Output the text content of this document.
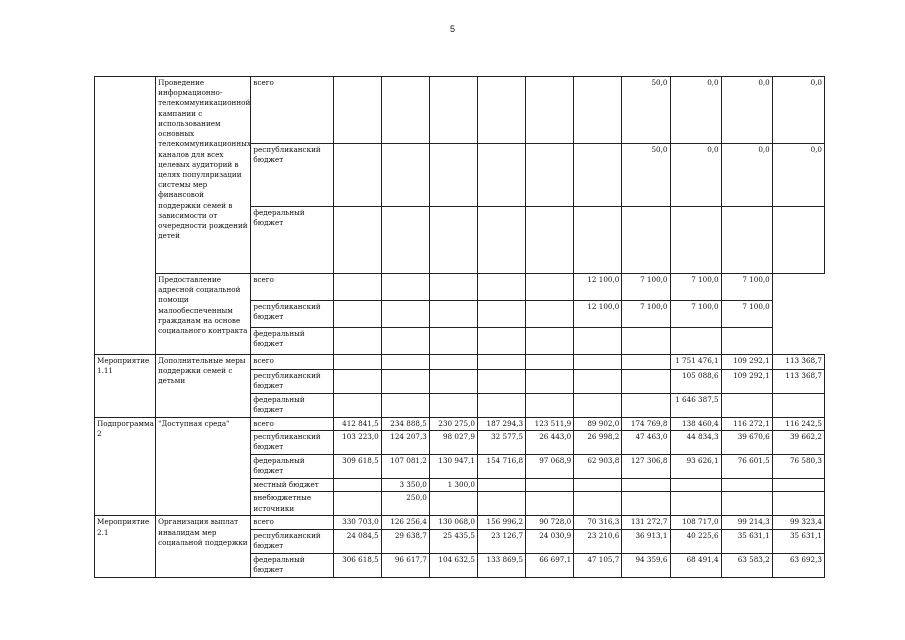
5
	Проведение информационно-телекоммуникационной кампании с использованием основных телекоммуникационных каналов для всех целевых аудиторий в целях популяризации системы мер финансовой поддержки семей в зависимости от очередности рождений детей	всего							50,0	0,0	0,0	0,0
		республиканский бюджет							50,0	0,0	0,0	0,0
		федеральный бюджет										
	Предоставление адресной социальной помощи малообеспеченным гражданам на основе социального контракта	всего						12 100,0	7 100,0	7 100,0	7 100,0	
		республиканский бюджет						12 100,0	7 100,0	7 100,0	7 100,0	
		федеральный бюджет										
Мероприятие 1.11	Дополнительные меры поддержки семей с детьми	всего								1 751 476,1	109 292,1	113 368,7
		республиканский бюджет								105 088,6	109 292,1	113 368,7
		федеральный бюджет								1 646 387,5		
Подпрограмма 2	"Доступная среда"	всего	412 841,5	234 888,5	230 275,0	187 294,3	123 511,9	89 902,0	174 769,8	138 460,4	116 272,1	116 242,5
		республиканский бюджет	103 223,0	124 207,3	98 027,9	32 577,5	26 443,0	26 998,2	47 463,0	44 834,3	39 670,6	39 662,2
		федеральный бюджет	309 618,5	107 081,2	130 947,1	154 716,8	97 068,9	62 903,8	127 306,8	93 626,1	76 601,5	76 580,3
		местный бюджет		3 350,0	1 300,0							
		внебюджетные источники		250,0								
Мероприятие 2.1	Организация выплат инвалидам мер социальной поддержки	всего	330 703,0	126 256,4	130 068,0	156 996,2	90 728,0	70 316,3	131 272,7	108 717,0	99 214,3	99 323,4
		республиканский бюджет	24 084,5	29 638,7	25 435,5	23 126,7	24 030,9	23 210,6	36 913,1	40 225,6	35 631,1	35 631,1
		федеральный бюджет	306 618,5	96 617,7	104 632,5	133 869,5	66 697,1	47 105,7	94 359,6	68 491,4	63 583,2	63 692,3
